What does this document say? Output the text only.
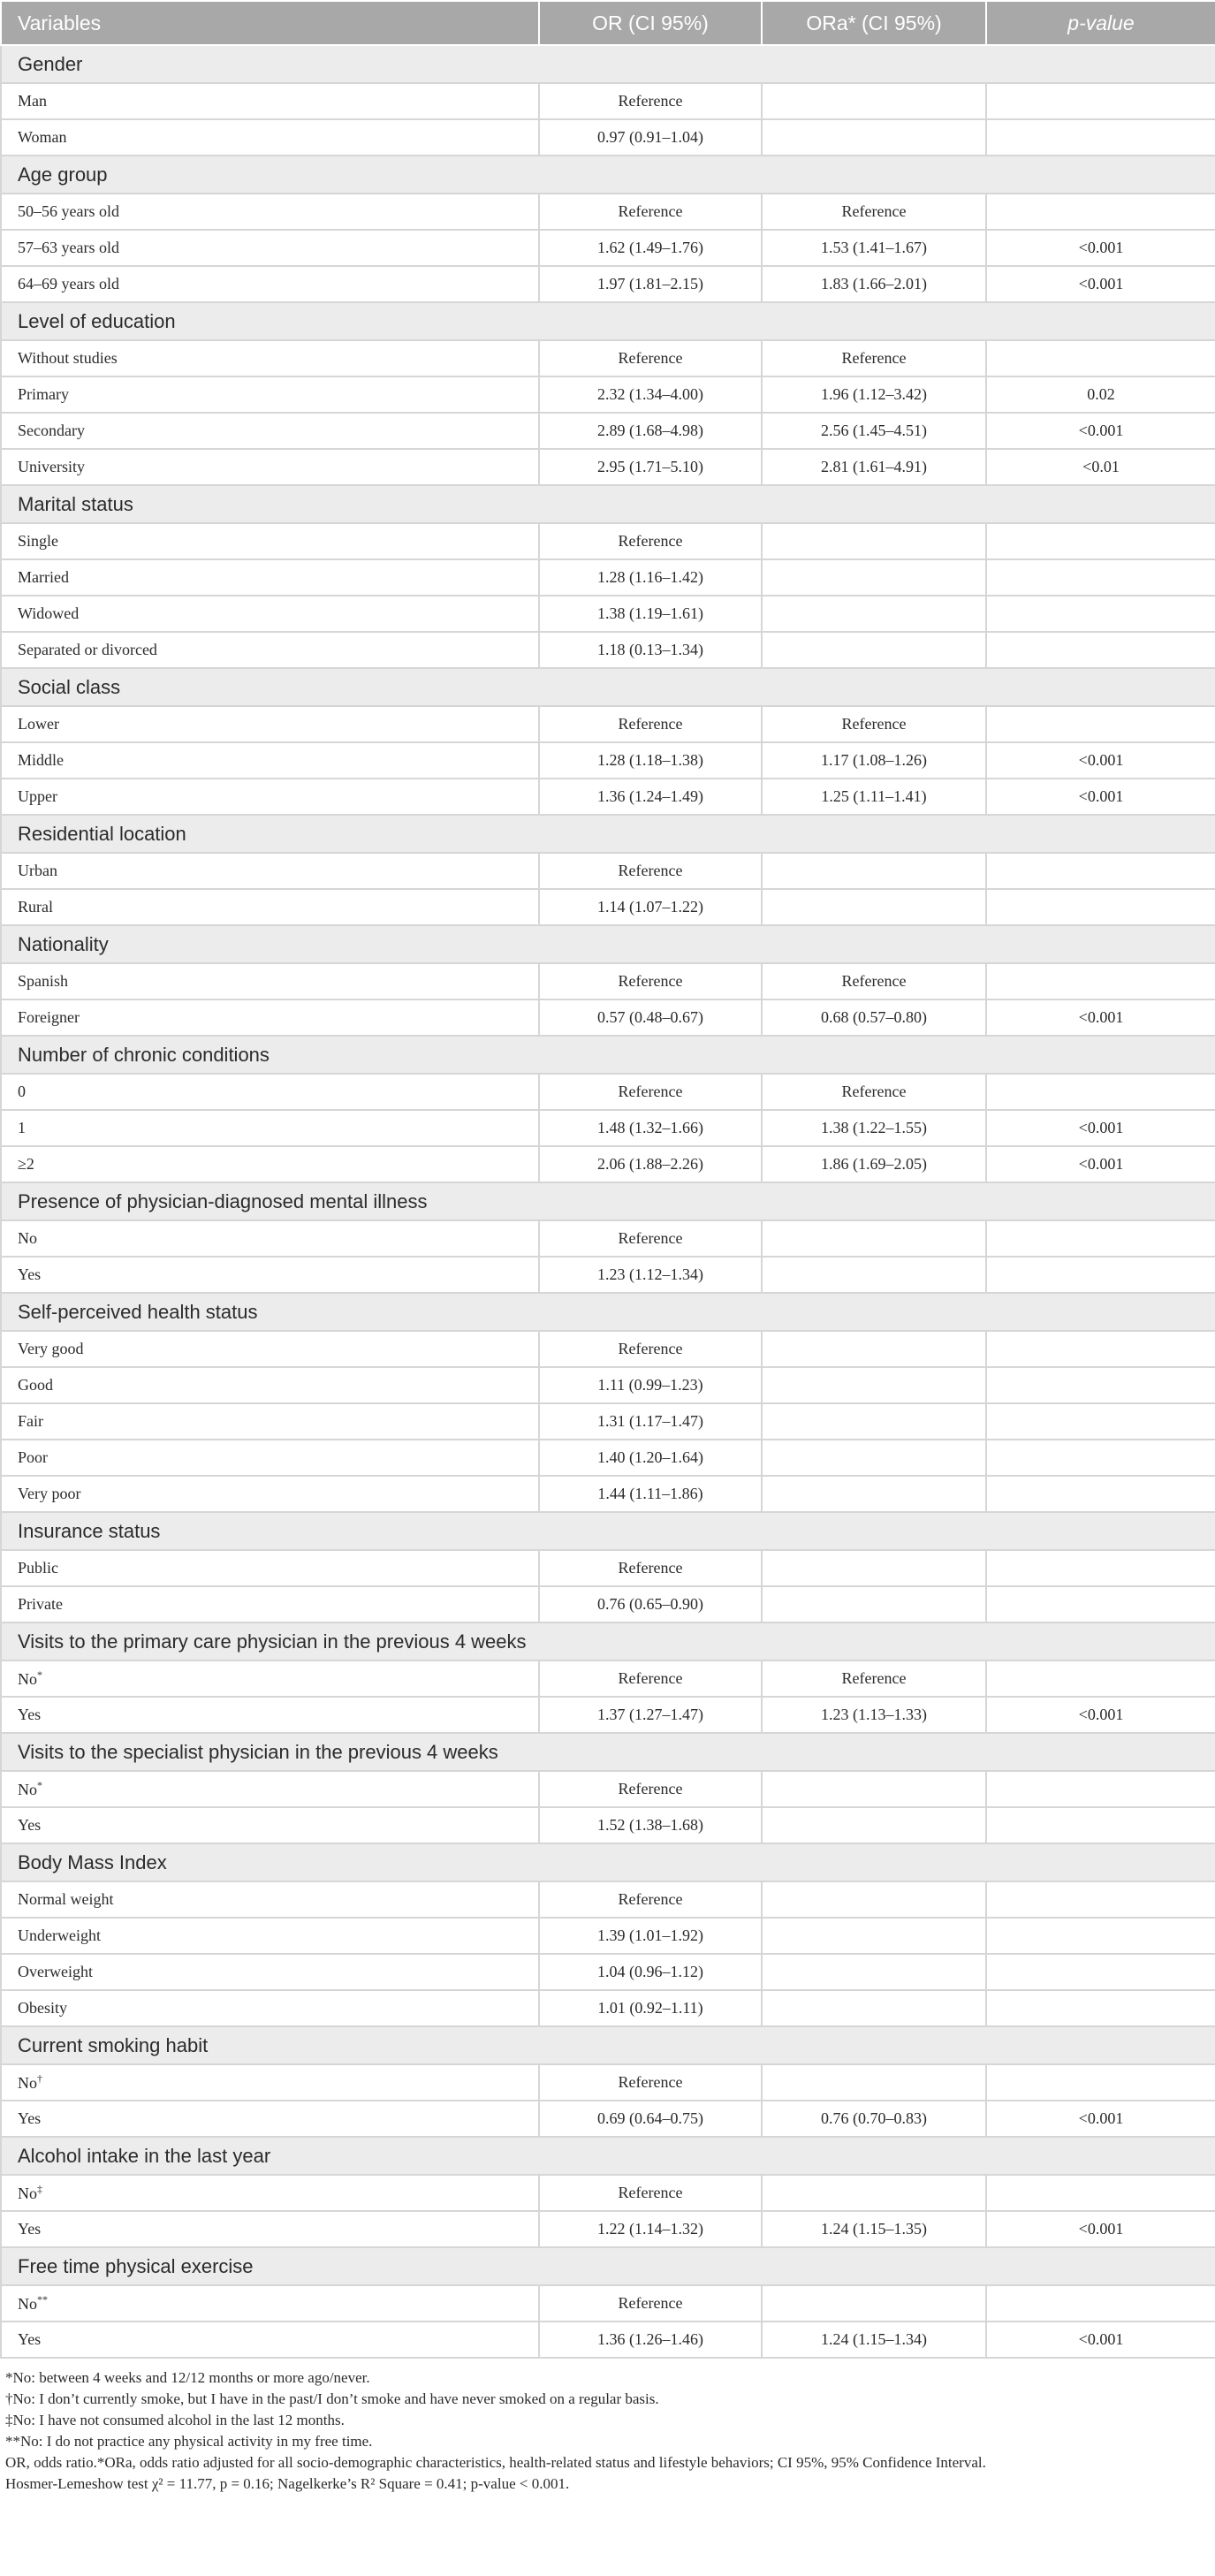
Variables	OR (CI 95%)	ORa* (CI 95%)	p-value
Gender			
Man	Reference		
Woman	0.97 (0.91–1.04)		
Age group			
50–56 years old	Reference	Reference	
57–63 years old	1.62 (1.49–1.76)	1.53 (1.41–1.67)	<0.001
64–69 years old	1.97 (1.81–2.15)	1.83 (1.66–2.01)	<0.001
Level of education			
Without studies	Reference	Reference	
Primary	2.32 (1.34–4.00)	1.96 (1.12–3.42)	0.02
Secondary	2.89 (1.68–4.98)	2.56 (1.45–4.51)	<0.001
University	2.95 (1.71–5.10)	2.81 (1.61–4.91)	<0.01
Marital status			
Single	Reference		
Married	1.28 (1.16–1.42)		
Widowed	1.38 (1.19–1.61)		
Separated or divorced	1.18 (0.13–1.34)		
Social class			
Lower	Reference	Reference	
Middle	1.28 (1.18–1.38)	1.17 (1.08–1.26)	<0.001
Upper	1.36 (1.24–1.49)	1.25 (1.11–1.41)	<0.001
Residential location			
Urban	Reference		
Rural	1.14 (1.07–1.22)		
Nationality			
Spanish	Reference	Reference	
Foreigner	0.57 (0.48–0.67)	0.68 (0.57–0.80)	<0.001
Number of chronic conditions			
0	Reference	Reference	
1	1.48 (1.32–1.66)	1.38 (1.22–1.55)	<0.001
≥2	2.06 (1.88–2.26)	1.86 (1.69–2.05)	<0.001
Presence of physician-diagnosed mental illness			
No	Reference		
Yes	1.23 (1.12–1.34)		
Self-perceived health status			
Very good	Reference		
Good	1.11 (0.99–1.23)		
Fair	1.31 (1.17–1.47)		
Poor	1.40 (1.20–1.64)		
Very poor	1.44 (1.11–1.86)		
Insurance status			
Public	Reference		
Private	0.76 (0.65–0.90)		
Visits to the primary care physician in the previous 4 weeks			
No*	Reference	Reference	
Yes	1.37 (1.27–1.47)	1.23 (1.13–1.33)	<0.001
Visits to the specialist physician in the previous 4 weeks			
No*	Reference		
Yes	1.52 (1.38–1.68)		
Body Mass Index			
Normal weight	Reference		
Underweight	1.39 (1.01–1.92)		
Overweight	1.04 (0.96–1.12)		
Obesity	1.01 (0.92–1.11)		
Current smoking habit			
No†	Reference		
Yes	0.69 (0.64–0.75)	0.76 (0.70–0.83)	<0.001
Alcohol intake in the last year			
No‡	Reference		
Yes	1.22 (1.14–1.32)	1.24 (1.15–1.35)	<0.001
Free time physical exercise			
No**	Reference		
Yes	1.36 (1.26–1.46)	1.24 (1.15–1.34)	<0.001

*No: between 4 weeks and 12/12 months or more ago/never.

†No: I don’t currently smoke, but I have in the past/I don’t smoke and have never smoked on a regular basis.

‡No: I have not consumed alcohol in the last 12 months.

**No: I do not practice any physical activity in my free time.

OR, odds ratio.*ORa, odds ratio adjusted for all socio-demographic characteristics, health-related status and lifestyle behaviors; CI 95%, 95% Confidence Interval.

Hosmer-Lemeshow test χ² = 11.77, p = 0.16; Nagelkerke’s R² Square = 0.41; p-value < 0.001.
